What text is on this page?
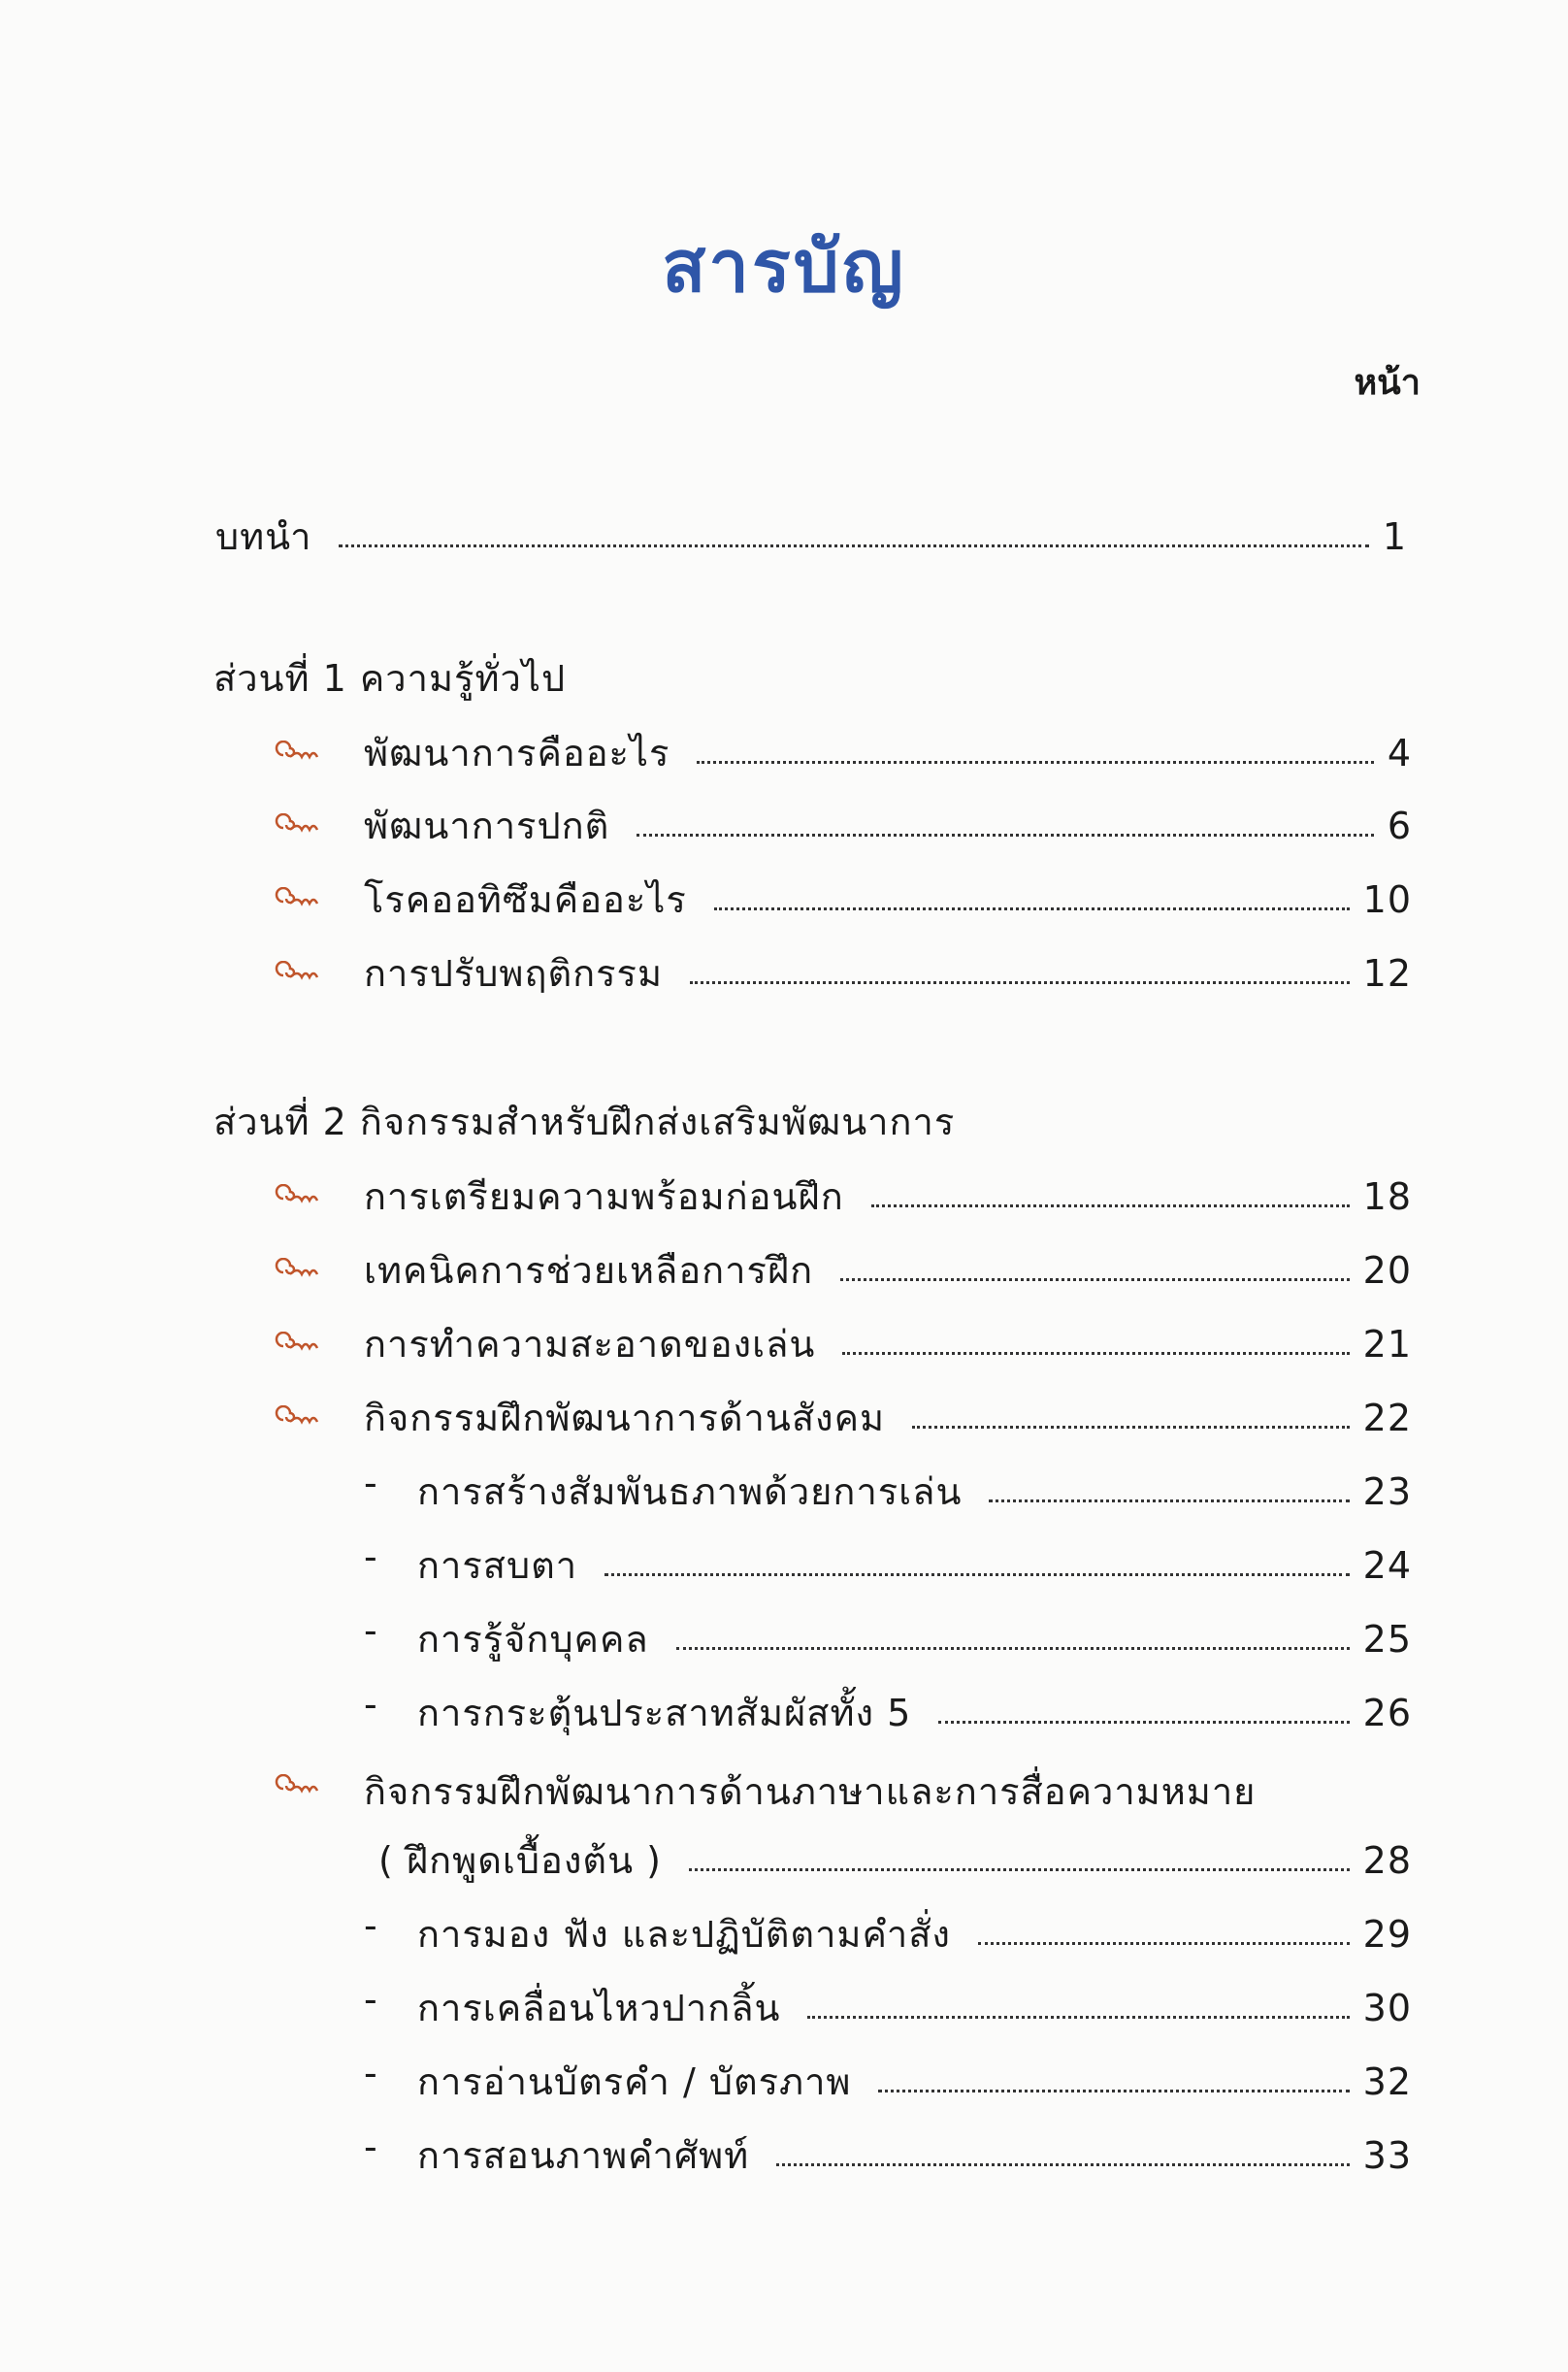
สารบัญ
หน้า
บทนำ	1
ส่วนที่ 1 ความรู้ทั่วไป
พัฒนาการคืออะไร	4
พัฒนาการปกติ	6
โรคออทิซึมคืออะไร	10
การปรับพฤติกรรม	12
ส่วนที่ 2 กิจกรรมสำหรับฝึกส่งเสริมพัฒนาการ
การเตรียมความพร้อมก่อนฝึก	18
เทคนิคการช่วยเหลือการฝึก	20
การทำความสะอาดของเล่น	21
กิจกรรมฝึกพัฒนาการด้านสังคม	22
- การสร้างสัมพันธภาพด้วยการเล่น	23
- การสบตา	24
- การรู้จักบุคคล	25
- การกระตุ้นประสาทสัมผัสทั้ง 5	26
กิจกรรมฝึกพัฒนาการด้านภาษาและการสื่อความหมาย
( ฝึกพูดเบื้องต้น )	28
- การมอง ฟัง และปฏิบัติตามคำสั่ง	29
- การเคลื่อนไหวปากลิ้น	30
- การอ่านบัตรคำ / บัตรภาพ	32
- การสอนภาพคำศัพท์	33
